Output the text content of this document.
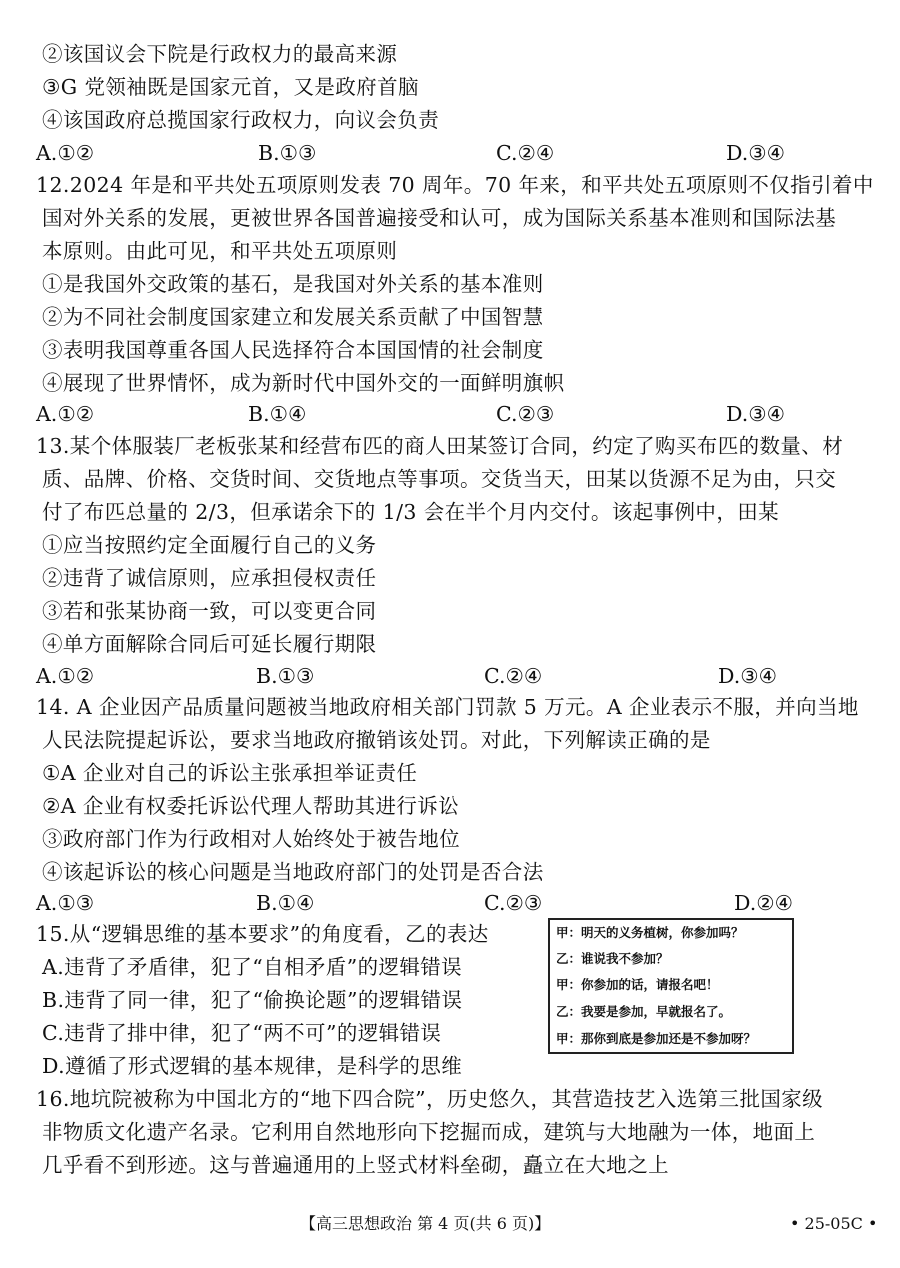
②该国议会下院是行政权力的最高来源
③G 党领袖既是国家元首，又是政府首脑
④该国政府总揽国家行政权力，向议会负责
A.①②	B.①③	C.②④	D.③④
12.2024 年是和平共处五项原则发表 70 周年。70 年来，和平共处五项原则不仅指引着中
国对外关系的发展，更被世界各国普遍接受和认可，成为国际关系基本准则和国际法基
本原则。由此可见，和平共处五项原则
①是我国外交政策的基石，是我国对外关系的基本准则
②为不同社会制度国家建立和发展关系贡献了中国智慧
③表明我国尊重各国人民选择符合本国国情的社会制度
④展现了世界情怀，成为新时代中国外交的一面鲜明旗帜
A.①②	B.①④	C.②③	D.③④
13.某个体服装厂老板张某和经营布匹的商人田某签订合同，约定了购买布匹的数量、材
质、品牌、价格、交货时间、交货地点等事项。交货当天，田某以货源不足为由，只交
付了布匹总量的 2/3，但承诺余下的 1/3 会在半个月内交付。该起事例中，田某
①应当按照约定全面履行自己的义务
②违背了诚信原则，应承担侵权责任
③若和张某协商一致，可以变更合同
④单方面解除合同后可延长履行期限
A.①②	B.①③	C.②④	D.③④
14. A 企业因产品质量问题被当地政府相关部门罚款 5 万元。A 企业表示不服，并向当地
人民法院提起诉讼，要求当地政府撤销该处罚。对此，下列解读正确的是
①A 企业对自己的诉讼主张承担举证责任
②A 企业有权委托诉讼代理人帮助其进行诉讼
③政府部门作为行政相对人始终处于被告地位
④该起诉讼的核心问题是当地政府部门的处罚是否合法
A.①③	B.①④	C.②③	D.②④
15.从“逻辑思维的基本要求”的角度看，乙的表达
A.违背了矛盾律，犯了“自相矛盾”的逻辑错误
B.违背了同一律，犯了“偷换论题”的逻辑错误
C.违背了排中律，犯了“两不可”的逻辑错误
D.遵循了形式逻辑的基本规律，是科学的思维
甲：明天的义务植树，你参加吗？
乙：谁说我不参加？
甲：你参加的话，请报名吧！
乙：我要是参加，早就报名了。
甲：那你到底是参加还是不参加呀？
16.地坑院被称为中国北方的“地下四合院”，历史悠久，其营造技艺入选第三批国家级
非物质文化遗产名录。它利用自然地形向下挖掘而成，建筑与大地融为一体，地面上
几乎看不到形迹。这与普遍通用的上竖式材料垒砌，矗立在大地之上
【高三思想政治 第 4 页(共 6 页)】	• 25-05C •
